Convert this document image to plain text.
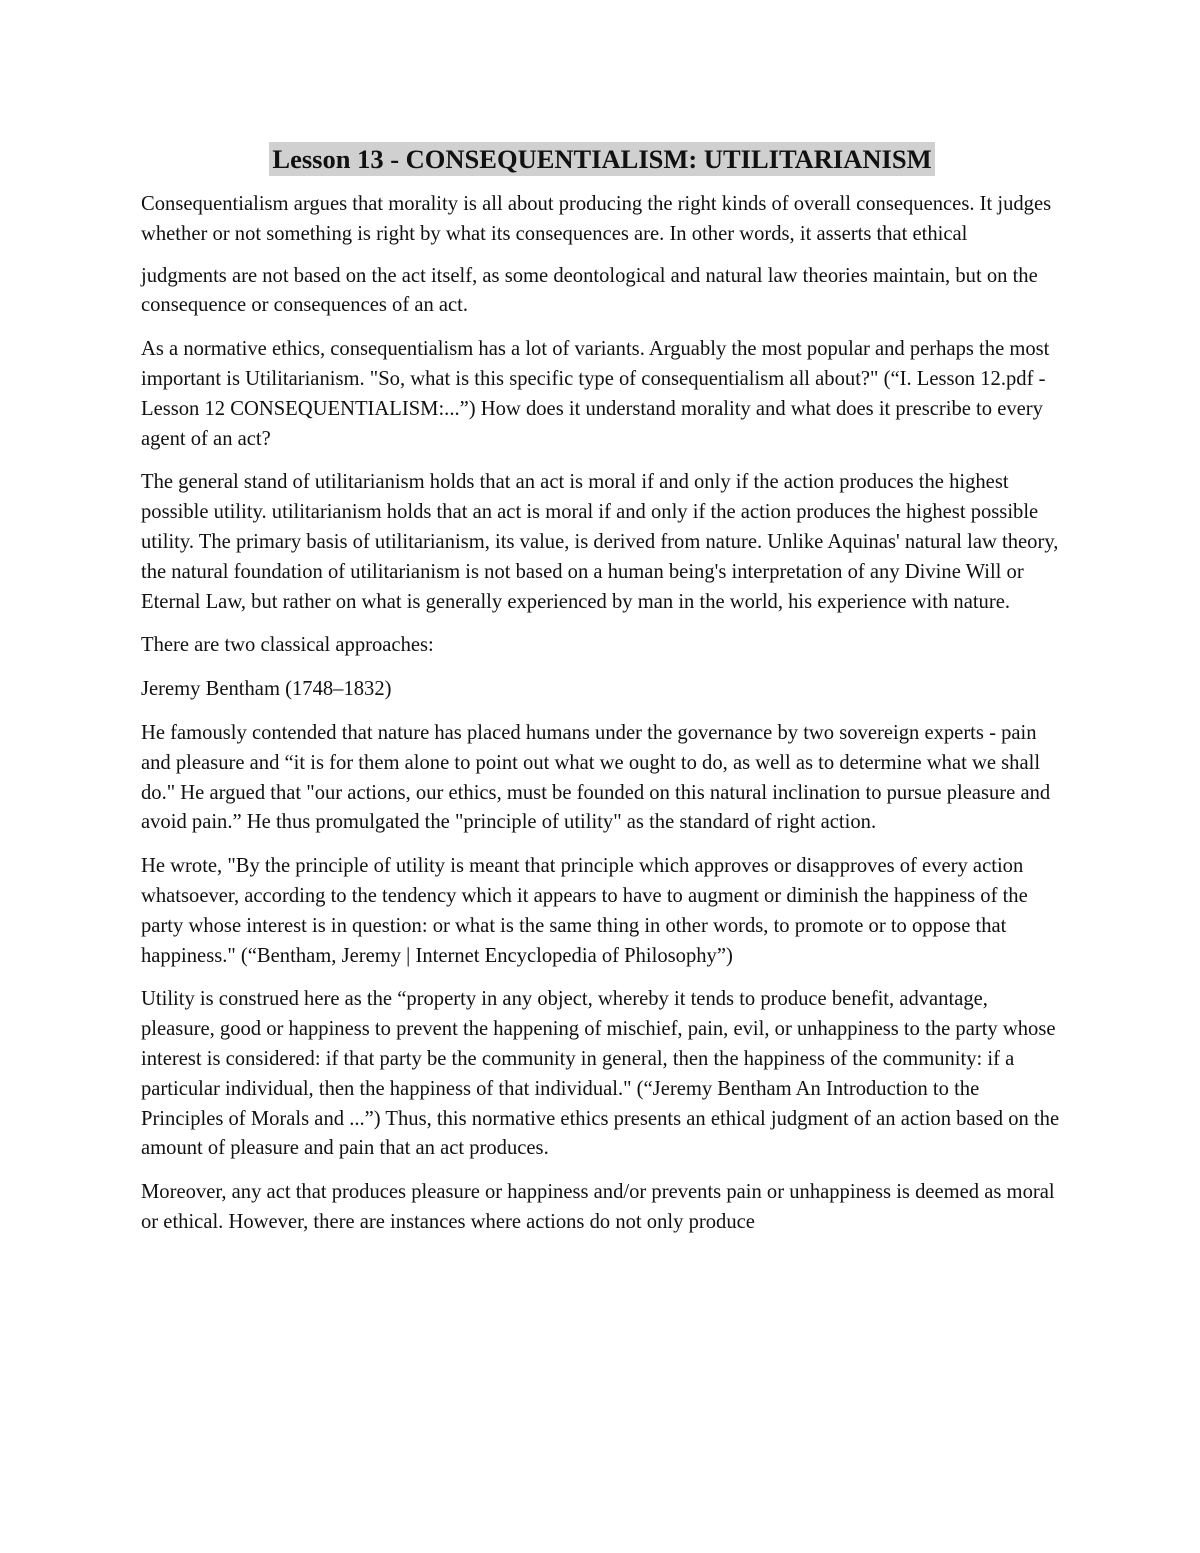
Lesson 13 - CONSEQUENTIALISM: UTILITARIANISM

Consequentialism argues that morality is all about producing the right kinds of overall consequences. It judges whether or not something is right by what its consequences are. In other words, it asserts that ethical

judgments are not based on the act itself, as some deontological and natural law theories maintain, but on the consequence or consequences of an act.

As a normative ethics, consequentialism has a lot of variants. Arguably the most popular and perhaps the most important is Utilitarianism. "So, what is this specific type of consequentialism all about?" (“I. Lesson 12.pdf - Lesson 12 CONSEQUENTIALISM:...”) How does it understand morality and what does it prescribe to every agent of an act?

The general stand of utilitarianism holds that an act is moral if and only if the action produces the highest possible utility. utilitarianism holds that an act is moral if and only if the action produces the highest possible utility. The primary basis of utilitarianism, its value, is derived from nature. Unlike Aquinas' natural law theory, the natural foundation of utilitarianism is not based on a human being's interpretation of any Divine Will or Eternal Law, but rather on what is generally experienced by man in the world, his experience with nature.

There are two classical approaches:

Jeremy Bentham (1748–1832)

He famously contended that nature has placed humans under the governance by two sovereign experts - pain and pleasure and “it is for them alone to point out what we ought to do, as well as to determine what we shall do." He argued that "our actions, our ethics, must be founded on this natural inclination to pursue pleasure and avoid pain.” He thus promulgated the "principle of utility" as the standard of right action.

He wrote, "By the principle of utility is meant that principle which approves or disapproves of every action whatsoever, according to the tendency which it appears to have to augment or diminish the happiness of the party whose interest is in question: or what is the same thing in other words, to promote or to oppose that happiness." (“Bentham, Jeremy | Internet Encyclopedia of Philosophy”)

Utility is construed here as the “property in any object, whereby it tends to produce benefit, advantage, pleasure, good or happiness to prevent the happening of mischief, pain, evil, or unhappiness to the party whose interest is considered: if that party be the community in general, then the happiness of the community: if a particular individual, then the happiness of that individual." (“Jeremy Bentham An Introduction to the Principles of Morals and ...”) Thus, this normative ethics presents an ethical judgment of an action based on the amount of pleasure and pain that an act produces.

Moreover, any act that produces pleasure or happiness and/or prevents pain or unhappiness is deemed as moral or ethical. However, there are instances where actions do not only produce
